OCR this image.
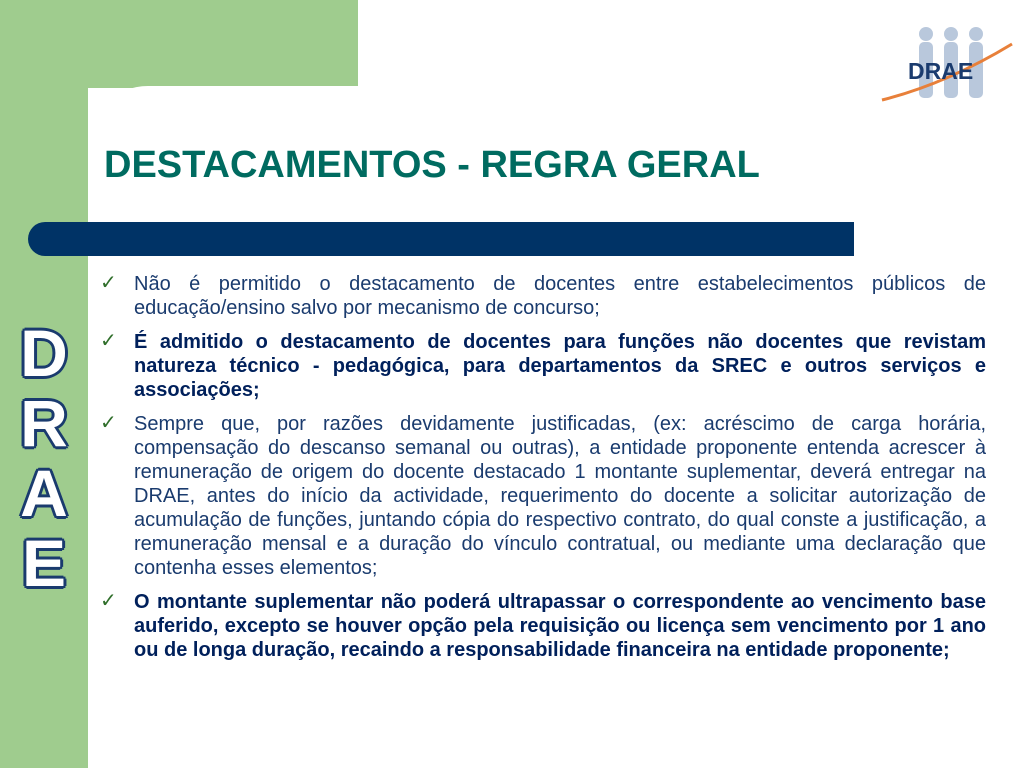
D
R
A
E
DRAE
DESTACAMENTOS - REGRA GERAL
✓ Não é permitido o destacamento de docentes entre estabelecimentos públicos de educação/ensino salvo por mecanismo de concurso;
✓ É admitido o destacamento de docentes para funções não docentes que revistam natureza técnico - pedagógica, para departamentos da SREC e outros serviços e associações;
✓ Sempre que, por razões devidamente justificadas, (ex: acréscimo de carga horária, compensação do descanso semanal ou outras), a entidade proponente entenda acrescer à remuneração de origem do docente destacado 1 montante suplementar, deverá entregar na DRAE, antes do início da actividade, requerimento do docente a solicitar autorização de acumulação de funções, juntando cópia do respectivo contrato, do qual conste a justificação, a remuneração mensal e a duração do vínculo contratual, ou mediante uma declaração que contenha esses elementos;
✓ O montante suplementar não poderá ultrapassar o correspondente ao vencimento base auferido, excepto se houver opção pela requisição ou licença sem vencimento por 1 ano ou de longa duração, recaindo a responsabilidade financeira na entidade proponente;
